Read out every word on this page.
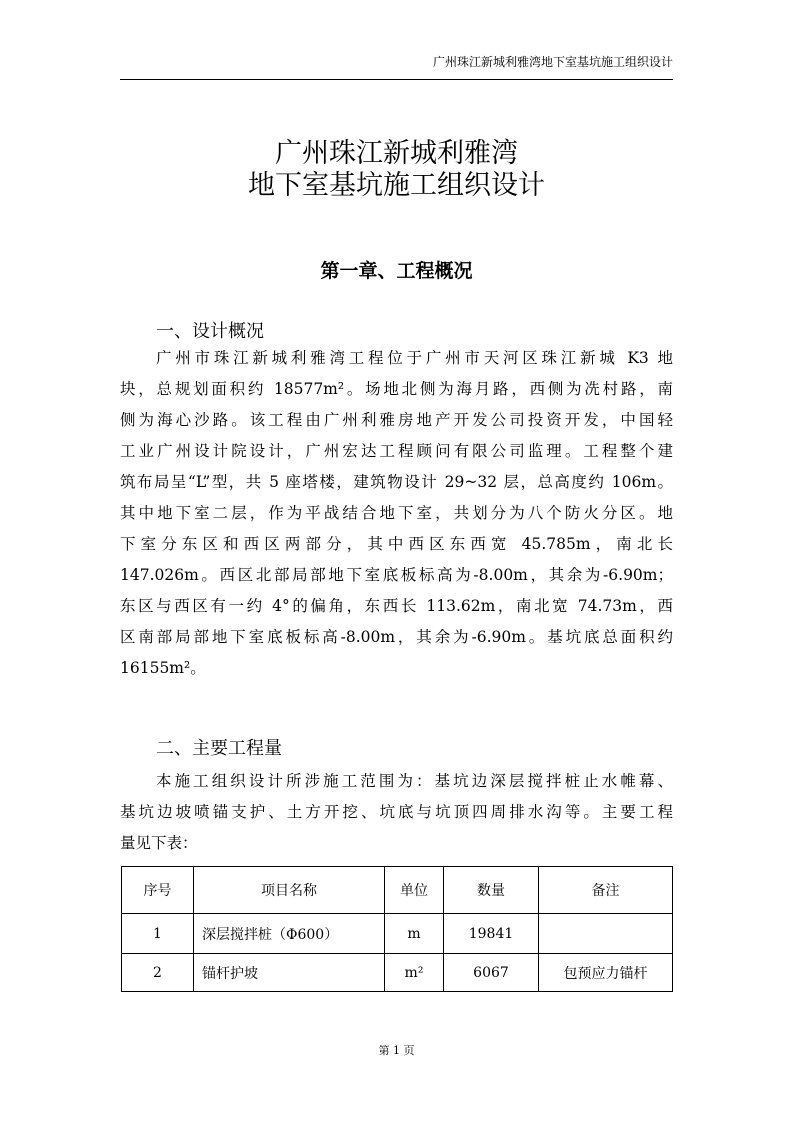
广州珠江新城利雅湾地下室基坑施工组织设计
广州珠江新城利雅湾
地下室基坑施工组织设计
第一章、工程概况
一、设计概况
广州市珠江新城利雅湾工程位于广州市天河区珠江新城 K3 地
块，总规划面积约 18577m²。场地北侧为海月路，西侧为冼村路，南
侧为海心沙路。该工程由广州利雅房地产开发公司投资开发，中国轻
工业广州设计院设计，广州宏达工程顾问有限公司监理。工程整个建
筑布局呈“L”型，共 5 座塔楼，建筑物设计 29~32 层，总高度约 106m。
其中地下室二层，作为平战结合地下室，共划分为八个防火分区。地
下室分东区和西区两部分，其中西区东西宽 45.785m，南北长
147.026m。西区北部局部地下室底板标高为-8.00m，其余为-6.90m；
东区与西区有一约 4°的偏角，东西长 113.62m，南北宽 74.73m，西
区南部局部地下室底板标高-8.00m，其余为-6.90m。基坑底总面积约
16155m²。
二、主要工程量
本施工组织设计所涉施工范围为：基坑边深层搅拌桩止水帷幕、
基坑边坡喷锚支护、土方开挖、坑底与坑顶四周排水沟等。主要工程
量见下表：
序号	项目名称	单位	数量	备注
1	深层搅拌桩（Φ600）	m	19841	
2	锚杆护坡	m²	6067	包预应力锚杆
第 1 页
